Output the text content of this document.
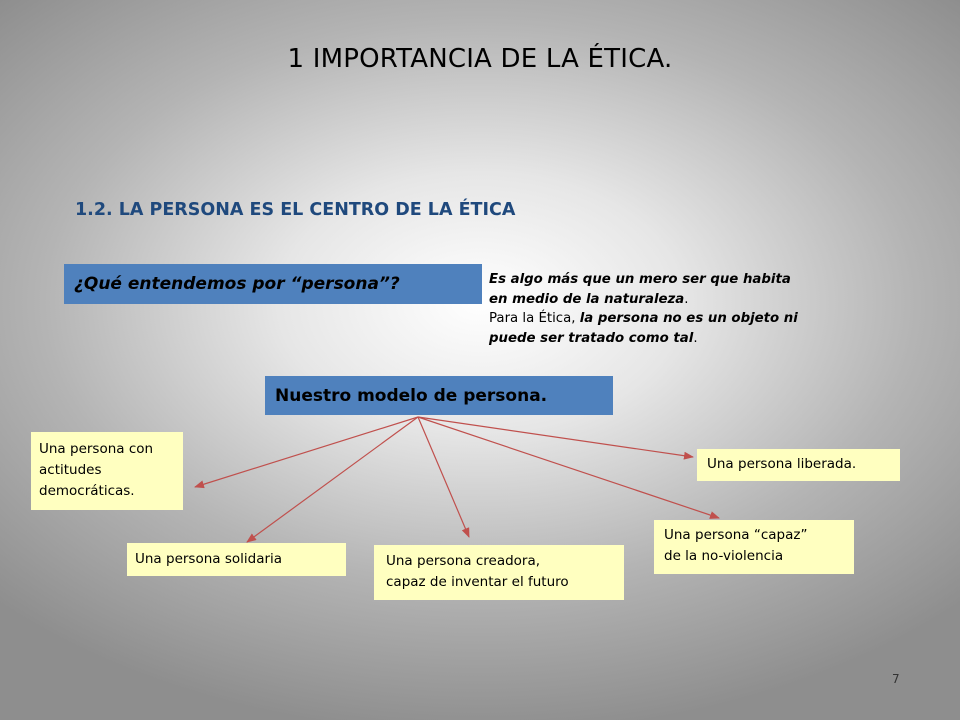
1 IMPORTANCIA DE LA ÉTICA.
1.2. LA PERSONA ES EL CENTRO DE LA ÉTICA
¿Qué entendemos por “persona”?	Es algo más que un mero ser que habita
en medio de la naturaleza.
Para la Ética, la persona no es un objeto ni
puede ser tratado como tal.
Nuestro modelo de persona.
Una persona con actitudes democráticas.
Una persona solidaria	Una persona creadora,
capaz de inventar el futuro
Una persona “capaz”
de la no-violencia
Una persona liberada.
7
